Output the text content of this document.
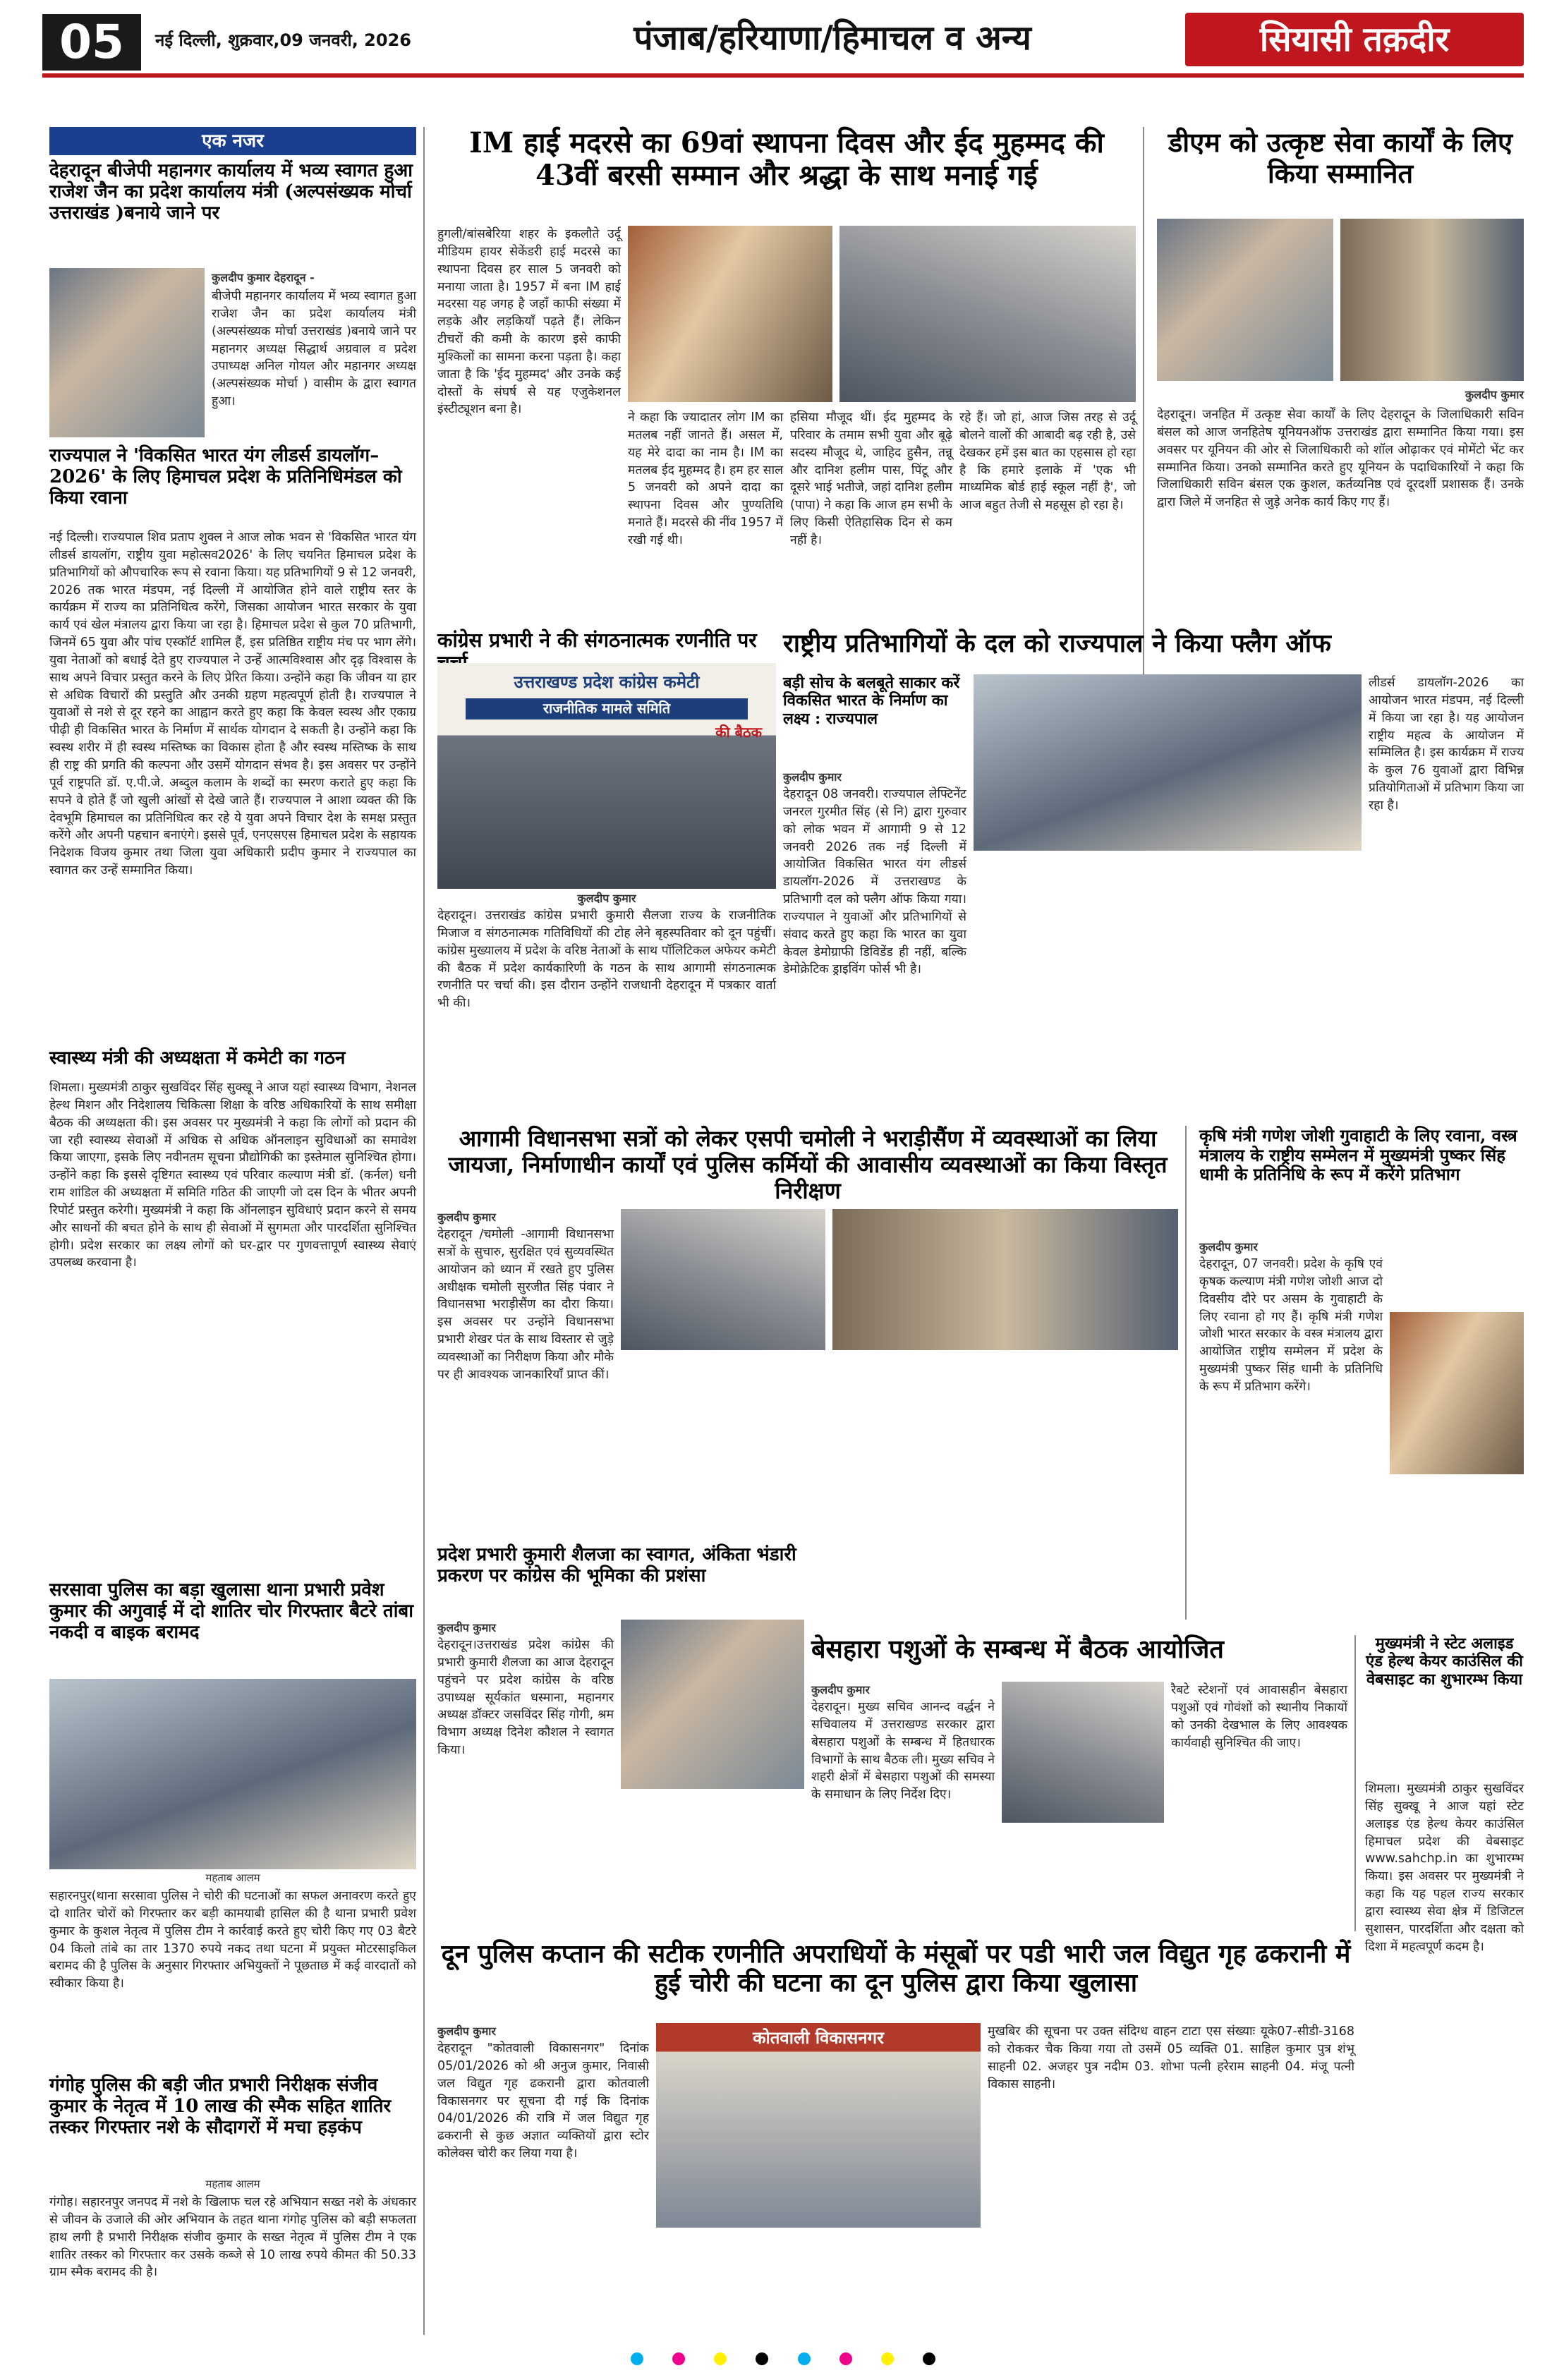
05	नई दिल्ली, शुक्रवार,09 जनवरी, 2026	पंजाब/हरियाणा/हिमाचल व अन्य	सियासी तक़दीर
एक नजर
देहरादून बीजेपी महानगर कार्यालय में भव्य स्वागत हुआ राजेश जैन का प्रदेश कार्यालय मंत्री (अल्पसंख्यक मोर्चा उत्तराखंड )बनाये जाने पर
कुलदीप कुमार देहरादून -
बीजेपी महानगर कार्यालय में भव्य स्वागत हुआ राजेश जैन का प्रदेश कार्यालय मंत्री (अल्पसंख्यक मोर्चा उत्तराखंड )बनाये जाने पर महानगर अध्यक्ष सिद्धार्थ अग्रवाल व प्रदेश उपाध्यक्ष अनिल गोयल और महानगर अध्यक्ष (अल्पसंख्यक मोर्चा ) वासीम के द्वारा स्वागत हुआ।
राज्यपाल ने 'विकसित भारत यंग लीडर्स डायलॉग–2026' के लिए हिमाचल प्रदेश के प्रतिनिधिमंडल को किया रवाना
नई दिल्ली। राज्यपाल शिव प्रताप शुक्ल ने आज लोक भवन से 'विकसित भारत यंग लीडर्स डायलॉग, राष्ट्रीय युवा महोत्सव2026' के लिए चयनित हिमाचल प्रदेश के प्रतिभागियों को औपचारिक रूप से रवाना किया। यह प्रतिभागियों 9 से 12 जनवरी, 2026 तक भारत मंडपम, नई दिल्ली में आयोजित होने वाले राष्ट्रीय स्तर के कार्यक्रम में राज्य का प्रतिनिधित्व करेंगे, जिसका आयोजन भारत सरकार के युवा कार्य एवं खेल मंत्रालय द्वारा किया जा रहा है। हिमाचल प्रदेश से कुल 70 प्रतिभागी, जिनमें 65 युवा और पांच एस्कॉर्ट शामिल हैं, इस प्रतिष्ठित राष्ट्रीय मंच पर भाग लेंगे। युवा नेताओं को बधाई देते हुए राज्यपाल ने उन्हें आत्मविश्वास और दृढ़ विश्वास के साथ अपने विचार प्रस्तुत करने के लिए प्रेरित किया। उन्होंने कहा कि जीवन या हार से अधिक विचारों की प्रस्तुति और उनकी ग्रहण महत्वपूर्ण होती है। राज्यपाल ने युवाओं से नशे से दूर रहने का आह्वान करते हुए कहा कि केवल स्वस्थ और एकाग्र पीढ़ी ही विकसित भारत के निर्माण में सार्थक योगदान दे सकती है। उन्होंने कहा कि स्वस्थ शरीर में ही स्वस्थ मस्तिष्क का विकास होता है और स्वस्थ मस्तिष्क के साथ ही राष्ट्र की प्रगति की कल्पना और उसमें योगदान संभव है। इस अवसर पर उन्होंने पूर्व राष्ट्रपति डॉ. ए.पी.जे. अब्दुल कलाम के शब्दों का स्मरण कराते हुए कहा कि सपने वे होते हैं जो खुली आंखों से देखे जाते हैं। राज्यपाल ने आशा व्यक्त की कि देवभूमि हिमाचल का प्रतिनिधित्व कर रहे ये युवा अपने विचार देश के समक्ष प्रस्तुत करेंगे और अपनी पहचान बनाएंगे। इससे पूर्व, एनएसएस हिमाचल प्रदेश के सहायक निदेशक विजय कुमार तथा जिला युवा अधिकारी प्रदीप कुमार ने राज्यपाल का स्वागत कर उन्हें सम्मानित किया।
स्वास्थ्य मंत्री की अध्यक्षता में कमेटी का गठन
शिमला। मुख्यमंत्री ठाकुर सुखविंदर सिंह सुक्खू ने आज यहां स्वास्थ्य विभाग, नेशनल हेल्थ मिशन और निदेशालय चिकित्सा शिक्षा के वरिष्ठ अधिकारियों के साथ समीक्षा बैठक की अध्यक्षता की। इस अवसर पर मुख्यमंत्री ने कहा कि लोगों को प्रदान की जा रही स्वास्थ्य सेवाओं में अधिक से अधिक ऑनलाइन सुविधाओं का समावेश किया जाएगा, इसके लिए नवीनतम सूचना प्रौद्योगिकी का इस्तेमाल सुनिश्चित होगा। उन्होंने कहा कि इससे दृष्टिगत स्वास्थ्य एवं परिवार कल्याण मंत्री डॉ. (कर्नल) धनी राम शांडिल की अध्यक्षता में समिति गठित की जाएगी जो दस दिन के भीतर अपनी रिपोर्ट प्रस्तुत करेगी। मुख्यमंत्री ने कहा कि ऑनलाइन सुविधाएं प्रदान करने से समय और साधनों की बचत होने के साथ ही सेवाओं में सुगमता और पारदर्शिता सुनिश्चित होगी। प्रदेश सरकार का लक्ष्य लोगों को घर-द्वार पर गुणवत्तापूर्ण स्वास्थ्य सेवाएं उपलब्ध करवाना है।
सरसावा पुलिस का बड़ा खुलासा थाना प्रभारी प्रवेश कुमार की अगुवाई में दो शातिर चोर गिरफ्तार बैटरे तांबा नकदी व बाइक बरामद
महताब आलम
सहारनपुर(थाना सरसावा पुलिस ने चोरी की घटनाओं का सफल अनावरण करते हुए दो शातिर चोरों को गिरफ्तार कर बड़ी कामयाबी हासिल की है थाना प्रभारी प्रवेश कुमार के कुशल नेतृत्व में पुलिस टीम ने कार्रवाई करते हुए चोरी किए गए 03 बैटरे 04 किलो तांबे का तार 1370 रुपये नकद तथा घटना में प्रयुक्त मोटरसाइकिल बरामद की है पुलिस के अनुसार गिरफ्तार अभियुक्तों ने पूछताछ में कई वारदातों को स्वीकार किया है।
गंगोह पुलिस की बड़ी जीत प्रभारी निरीक्षक संजीव कुमार के नेतृत्व में 10 लाख की स्मैक सहित शातिर तस्कर गिरफ्तार नशे के सौदागरों में मचा हड़कंप
महताब आलम
गंगोह। सहारनपुर जनपद में नशे के खिलाफ चल रहे अभियान सख्त नशे के अंधकार से जीवन के उजाले की ओर अभियान के तहत थाना गंगोह पुलिस को बड़ी सफलता हाथ लगी है प्रभारी निरीक्षक संजीव कुमार के सख्त नेतृत्व में पुलिस टीम ने एक शातिर तस्कर को गिरफ्तार कर उसके कब्जे से 10 लाख रुपये कीमत की 50.33 ग्राम स्मैक बरामद की है।
IM हाई मदरसे का 69वां स्थापना दिवस और ईद मुहम्मद की 43वीं बरसी सम्मान और श्रद्धा के साथ मनाई गई
हुगली/बांसबेरिया शहर के इकलौते उर्दू मीडियम हायर सेकेंडरी हाई मदरसे का स्थापना दिवस हर साल 5 जनवरी को मनाया जाता है। 1957 में बना IM हाई मदरसा यह जगह है जहाँ काफी संख्या में लड़के और लड़कियाँ पढ़ते हैं। लेकिन टीचरों की कमी के कारण इसे काफी मुश्किलों का सामना करना पड़ता है। कहा जाता है कि 'ईद मुहम्मद' और उनके कई दोस्तों के संघर्ष से यह एजुकेशनल इंस्टीट्यूशन बना है।
ने कहा कि ज्यादातर लोग IM का मतलब नहीं जानते हैं। असल में, यह मेरे दादा का नाम है। IM का मतलब ईद मुहम्मद है। हम हर साल 5 जनवरी को अपने दादा का स्थापना दिवस और पुण्यतिथि मनाते हैं। मदरसे की नींव 1957 में रखी गई थी।
हसिया मौजूद थीं। ईद मुहम्मद के परिवार के तमाम सभी युवा और बूढ़े सदस्य मौजूद थे, जाहिद हुसैन, तन्नू और दानिश हलीम पास, पिंटू और दूसरे भाई भतीजे, जहां दानिश हलीम (पापा) ने कहा कि आज हम सभी के लिए किसी ऐतिहासिक दिन से कम नहीं है।
रहे हैं। जो हां, आज जिस तरह से उर्दू बोलने वालों की आबादी बढ़ रही है, उसे देखकर हमें इस बात का एहसास हो रहा है कि हमारे इलाके में 'एक भी माध्यमिक बोर्ड हाई स्कूल नहीं है', जो आज बहुत तेजी से महसूस हो रहा है।
डीएम को उत्कृष्ट सेवा कार्यों के लिए किया सम्मानित
कुलदीप कुमार
देहरादून। जनहित में उत्कृष्ट सेवा कार्यों के लिए देहरादून के जिलाधिकारी सविन बंसल को आज जनहितेष यूनियनऑफ उत्तराखंड द्वारा सम्मानित किया गया। इस अवसर पर यूनियन की ओर से जिलाधिकारी को शॉल ओढ़ाकर एवं मोमेंटो भेंट कर सम्मानित किया। उनको सम्मानित करते हुए यूनियन के पदाधिकारियों ने कहा कि जिलाधिकारी सविन बंसल एक कुशल, कर्तव्यनिष्ठ एवं दूरदर्शी प्रशासक हैं। उनके द्वारा जिले में जनहित से जुड़े अनेक कार्य किए गए हैं।
कांग्रेस प्रभारी ने की संगठनात्मक रणनीति पर
उत्तराखण्ड प्रदेश कांग्रेस कमेटी
राजनीतिक मामले समिति
की बैठक
कुलदीप कुमार
देहरादून। उत्तराखंड कांग्रेस प्रभारी कुमारी सैलजा राज्य के राजनीतिक मिजाज व संगठनात्मक गतिविधियों की टोह लेने बृहस्पतिवार को दून पहुंचीं। कांग्रेस मुख्यालय में प्रदेश के वरिष्ठ नेताओं के साथ पॉलिटिकल अफेयर कमेटी की बैठक में प्रदेश कार्यकारिणी के गठन के साथ आगामी संगठनात्मक रणनीति पर चर्चा की। इस दौरान उन्होंने राजधानी देहरादून में पत्रकार वार्ता भी की।
राष्ट्रीय प्रतिभागियों के दल को राज्यपाल ने किया फ्लैग ऑफ
बड़ी सोच के बलबूते साकार करें विकसित भारत के निर्माण का लक्ष्य : राज्यपाल
कुलदीप कुमार
देहरादून 08 जनवरी। राज्यपाल लेफ्टिनेंट जनरल गुरमीत सिंह (से नि) द्वारा गुरुवार को लोक भवन में आगामी 9 से 12 जनवरी 2026 तक नई दिल्ली में आयोजित विकसित भारत यंग लीडर्स डायलॉग-2026 में उत्तराखण्ड के प्रतिभागी दल को फ्लैग ऑफ किया गया। राज्यपाल ने युवाओं और प्रतिभागियों से संवाद करते हुए कहा कि भारत का युवा केवल डेमोग्राफी डिविडेंड ही नहीं, बल्कि डेमोक्रेटिक ड्राइविंग फोर्स भी है।
लीडर्स डायलॉग-2026 का आयोजन भारत मंडपम, नई दिल्ली में किया जा रहा है। यह आयोजन राष्ट्रीय महत्व के आयोजन में सम्मिलित है। इस कार्यक्रम में राज्य के कुल 76 युवाओं द्वारा विभिन्न प्रतियोगिताओं में प्रतिभाग किया जा रहा है।
आगामी विधानसभा सत्रों को लेकर एसपी चमोली ने भराड़ीसैंण में व्यवस्थाओं का लिया जायजा, निर्माणाधीन कार्यों एवं पुलिस कर्मियों की आवासीय व्यवस्थाओं का किया विस्तृत निरीक्षण
कुलदीप कुमार
देहरादून /चमोली -आगामी विधानसभा सत्रों के सुचारु, सुरक्षित एवं सुव्यवस्थित आयोजन को ध्यान में रखते हुए पुलिस अधीक्षक चमोली सुरजीत सिंह पंवार ने विधानसभा भराड़ीसैंण का दौरा किया। इस अवसर पर उन्होंने विधानसभा प्रभारी शेखर पंत के साथ विस्तार से जुड़े व्यवस्थाओं का निरीक्षण किया और मौके पर ही आवश्यक जानकारियाँ प्राप्त कीं।
कृषि मंत्री गणेश जोशी गुवाहाटी के लिए रवाना, वस्त्र मंत्रालय के राष्ट्रीय सम्मेलन में मुख्यमंत्री पुष्कर सिंह धामी के प्रतिनिधि के रूप में करेंगे प्रतिभाग
कुलदीप कुमार
देहरादून, 07 जनवरी। प्रदेश के कृषि एवं कृषक कल्याण मंत्री गणेश जोशी आज दो दिवसीय दौरे पर असम के गुवाहाटी के लिए रवाना हो गए हैं। कृषि मंत्री गणेश जोशी भारत सरकार के वस्त्र मंत्रालय द्वारा आयोजित राष्ट्रीय सम्मेलन में प्रदेश के मुख्यमंत्री पुष्कर सिंह धामी के प्रतिनिधि के रूप में प्रतिभाग करेंगे।
प्रदेश प्रभारी कुमारी शैलजा का स्वागत, अंकिता भंडारी प्रकरण पर कांग्रेस की भूमिका की प्रशंसा
कुलदीप कुमार
देहरादून।उत्तराखंड प्रदेश कांग्रेस की प्रभारी कुमारी शैलजा का आज देहरादून पहुंचने पर प्रदेश कांग्रेस के वरिष्ठ उपाध्यक्ष सूर्यकांत धस्माना, महानगर अध्यक्ष डॉक्टर जसविंदर सिंह गोगी, श्रम विभाग अध्यक्ष दिनेश कौशल ने स्वागत किया।
बेसहारा पशुओं के सम्बन्ध में बैठक आयोजित
कुलदीप कुमार
देहरादून। मुख्य सचिव आनन्द वर्द्धन ने सचिवालय में उत्तराखण्ड सरकार द्वारा बेसहारा पशुओं के सम्बन्ध में हितधारक विभागों के साथ बैठक ली। मुख्य सचिव ने शहरी क्षेत्रों में बेसहारा पशुओं की समस्या के समाधान के लिए निर्देश दिए।
रैबटे स्टेशनों एवं आवासहीन बेसहारा पशुओं एवं गोवंशों को स्थानीय निकायों को उनकी देखभाल के लिए आवश्यक कार्यवाही सुनिश्चित की जाए।
मुख्यमंत्री ने स्टेट अलाइड एंड हेल्थ केयर काउंसिल की वेबसाइट का शुभारम्भ किया
शिमला। मुख्यमंत्री ठाकुर सुखविंदर सिंह सुक्खू ने आज यहां स्टेट अलाइड एंड हेल्थ केयर काउंसिल हिमाचल प्रदेश की वेबसाइट www.sahchp.in का शुभारम्भ किया। इस अवसर पर मुख्यमंत्री ने कहा कि यह पहल राज्य सरकार द्वारा स्वास्थ्य सेवा क्षेत्र में डिजिटल सुशासन, पारदर्शिता और दक्षता को दिशा में महत्वपूर्ण कदम है।
दून पुलिस कप्तान की सटीक रणनीति अपराधियों के मंसूबों पर पडी भारी जल विद्युत गृह ढकरानी में हुई चोरी की घटना का दून पुलिस द्वारा किया खुलासा
कुलदीप कुमार
देहरादून "कोतवाली विकासनगर" दिनांक 05/01/2026 को श्री अनुज कुमार, निवासी जल विद्युत गृह ढकरानी द्वारा कोतवाली विकासनगर पर सूचना दी गई कि दिनांक 04/01/2026 की रात्रि में जल विद्युत गृह ढकरानी से कुछ अज्ञात व्यक्तियों द्वारा स्टोर कोलेक्स चोरी कर लिया गया है।
कोतवाली विकासनगर	मुखबिर की सूचना पर उक्त संदिग्ध वाहन टाटा एस संख्याः यूके07-सीडी-3168 को रोककर चैक किया गया तो उसमें 05 व्यक्ति 01. साहिल कुमार पुत्र शंभू साहनी 02. अजहर पुत्र नदीम 03. शोभा पत्नी हरेराम साहनी 04. मंजू पत्नी विकास साहनी।
